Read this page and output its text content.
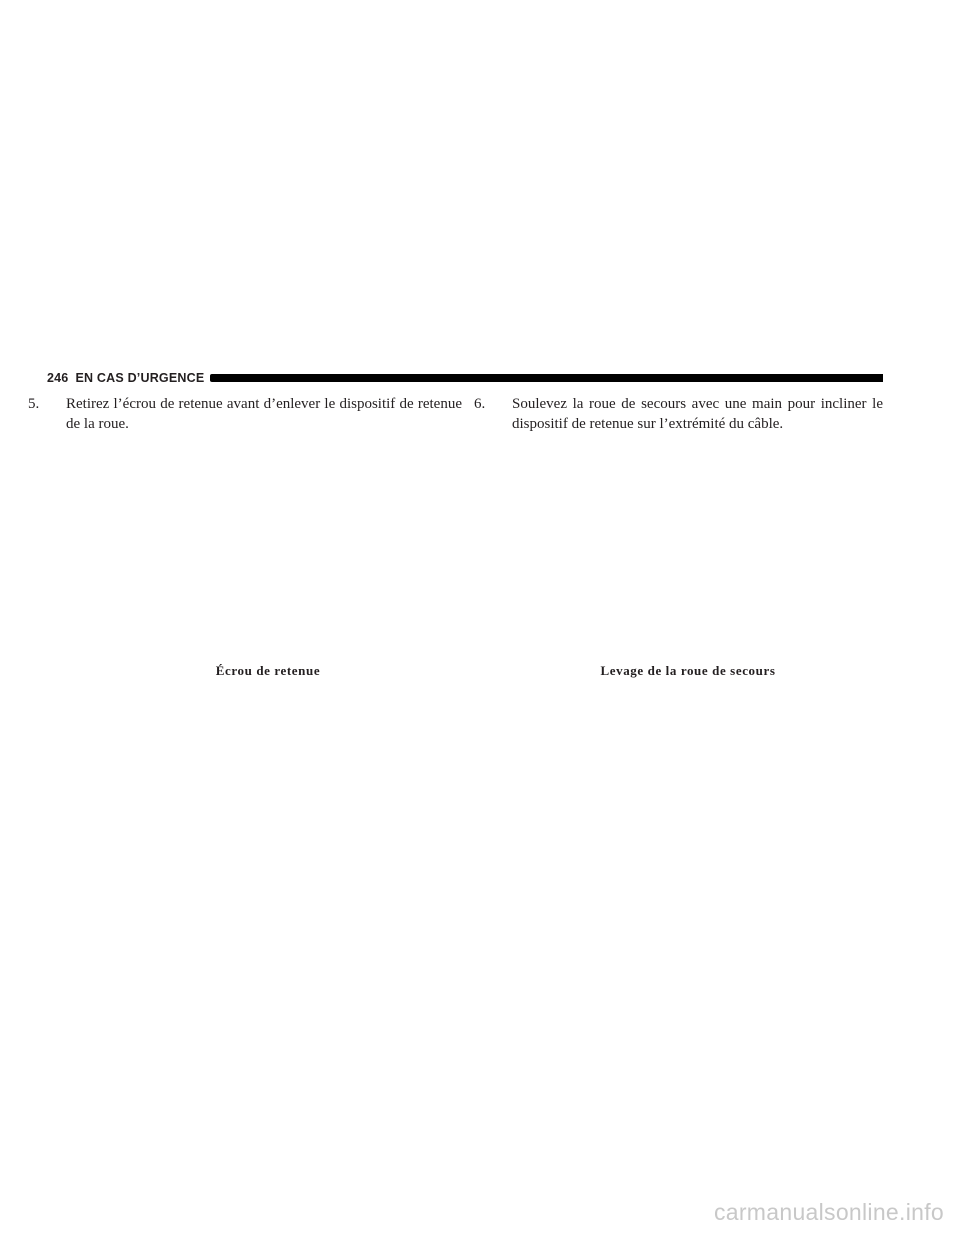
246 EN CAS D’URGENCE
5. Retirez l’écrou de retenue avant d’enlever le dispositif de retenue de la roue.
6. Soulevez la roue de secours avec une main pour incliner le dispositif de retenue sur l’extrémité du câble.
Écrou de retenue	Levage de la roue de secours
carmanualsonline.info
